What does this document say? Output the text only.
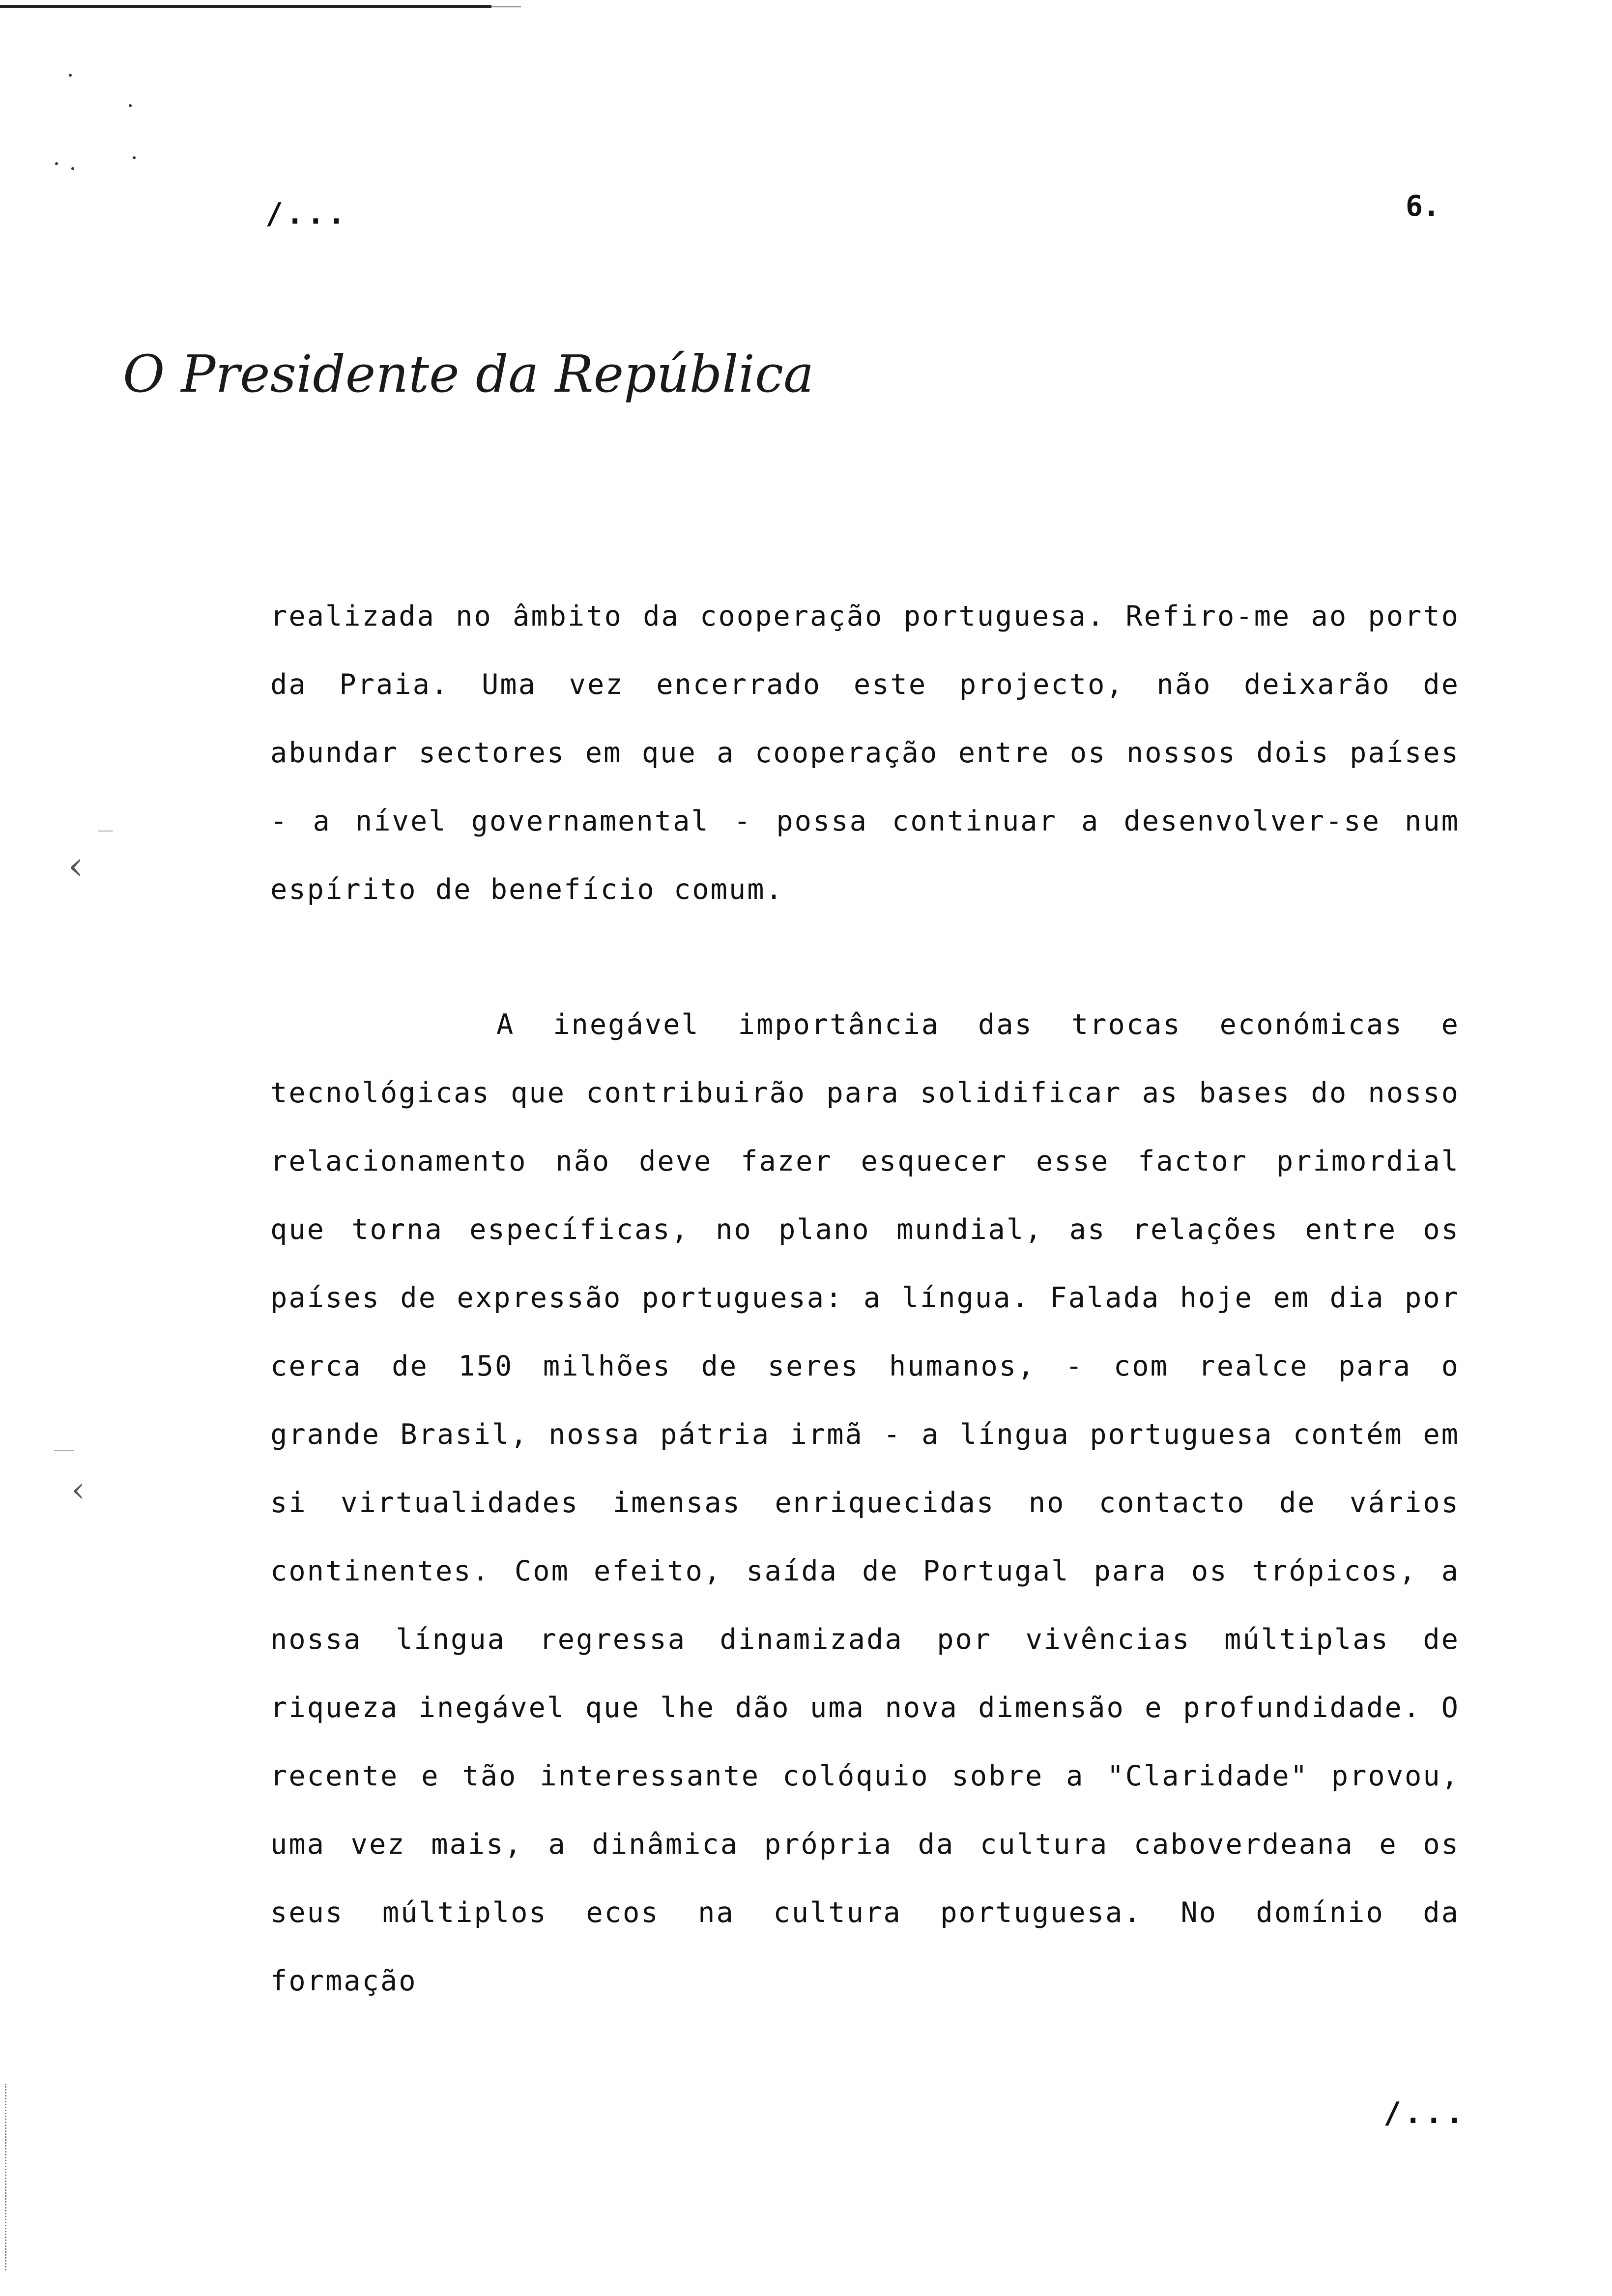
‹
‹
/...	6.
O Presidente da República

realizada no âmbito da cooperação portuguesa. Refiro-me ao porto da Praia. Uma vez encerrado este projecto, não deixarão de abundar sectores em que a cooperação entre os nossos dois países - a nível governamental - possa continuar a desenvolver-se num espírito de benefício comum.

A inegável importância das trocas económicas e tecnológicas que contribuirão para solidificar as bases do nosso relacionamento não deve fazer esquecer esse factor primordial que torna específicas, no plano mundial, as relações entre os países de expressão portuguesa: a língua. Falada hoje em dia por cerca de 150 milhões de seres humanos, - com realce para o grande Brasil, nossa pátria irmã - a língua portuguesa contém em si virtualidades imensas enriquecidas no contacto de vários continentes. Com efeito, saída de Portugal para os trópicos, a nossa língua regressa dinamizada por vivências múltiplas de riqueza inegável que lhe dão uma nova dimensão e profundidade. O recente e tão interessante colóquio sobre a "Claridade" provou, uma vez mais, a dinâmica própria da cultura caboverdeana e os seus múltiplos ecos na cultura portuguesa. No domínio da formação

/...
